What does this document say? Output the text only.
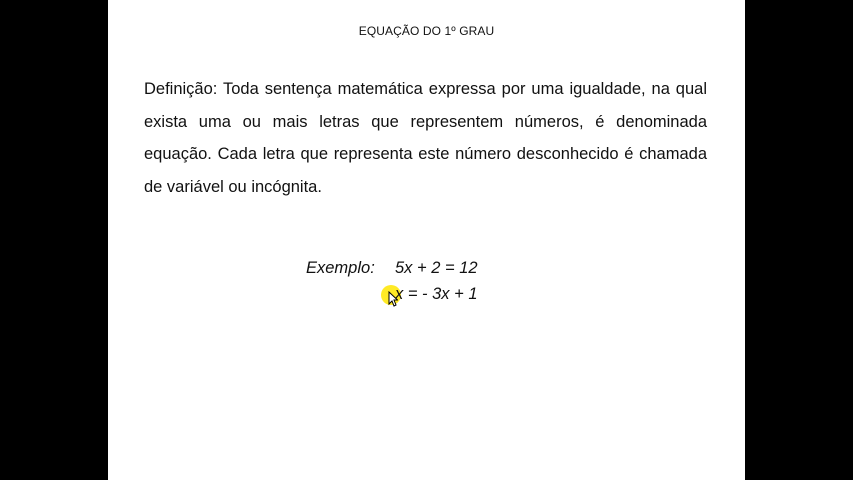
EQUAÇÃO DO 1º GRAU

Definição: Toda sentença matemática expressa por uma igualdade, na qual exista uma ou mais letras que representem números, é denominada equação. Cada letra que representa este número desconhecido é chamada de variável ou incógnita.

Exemplo: 5x + 2 = 12
x = - 3x + 1
